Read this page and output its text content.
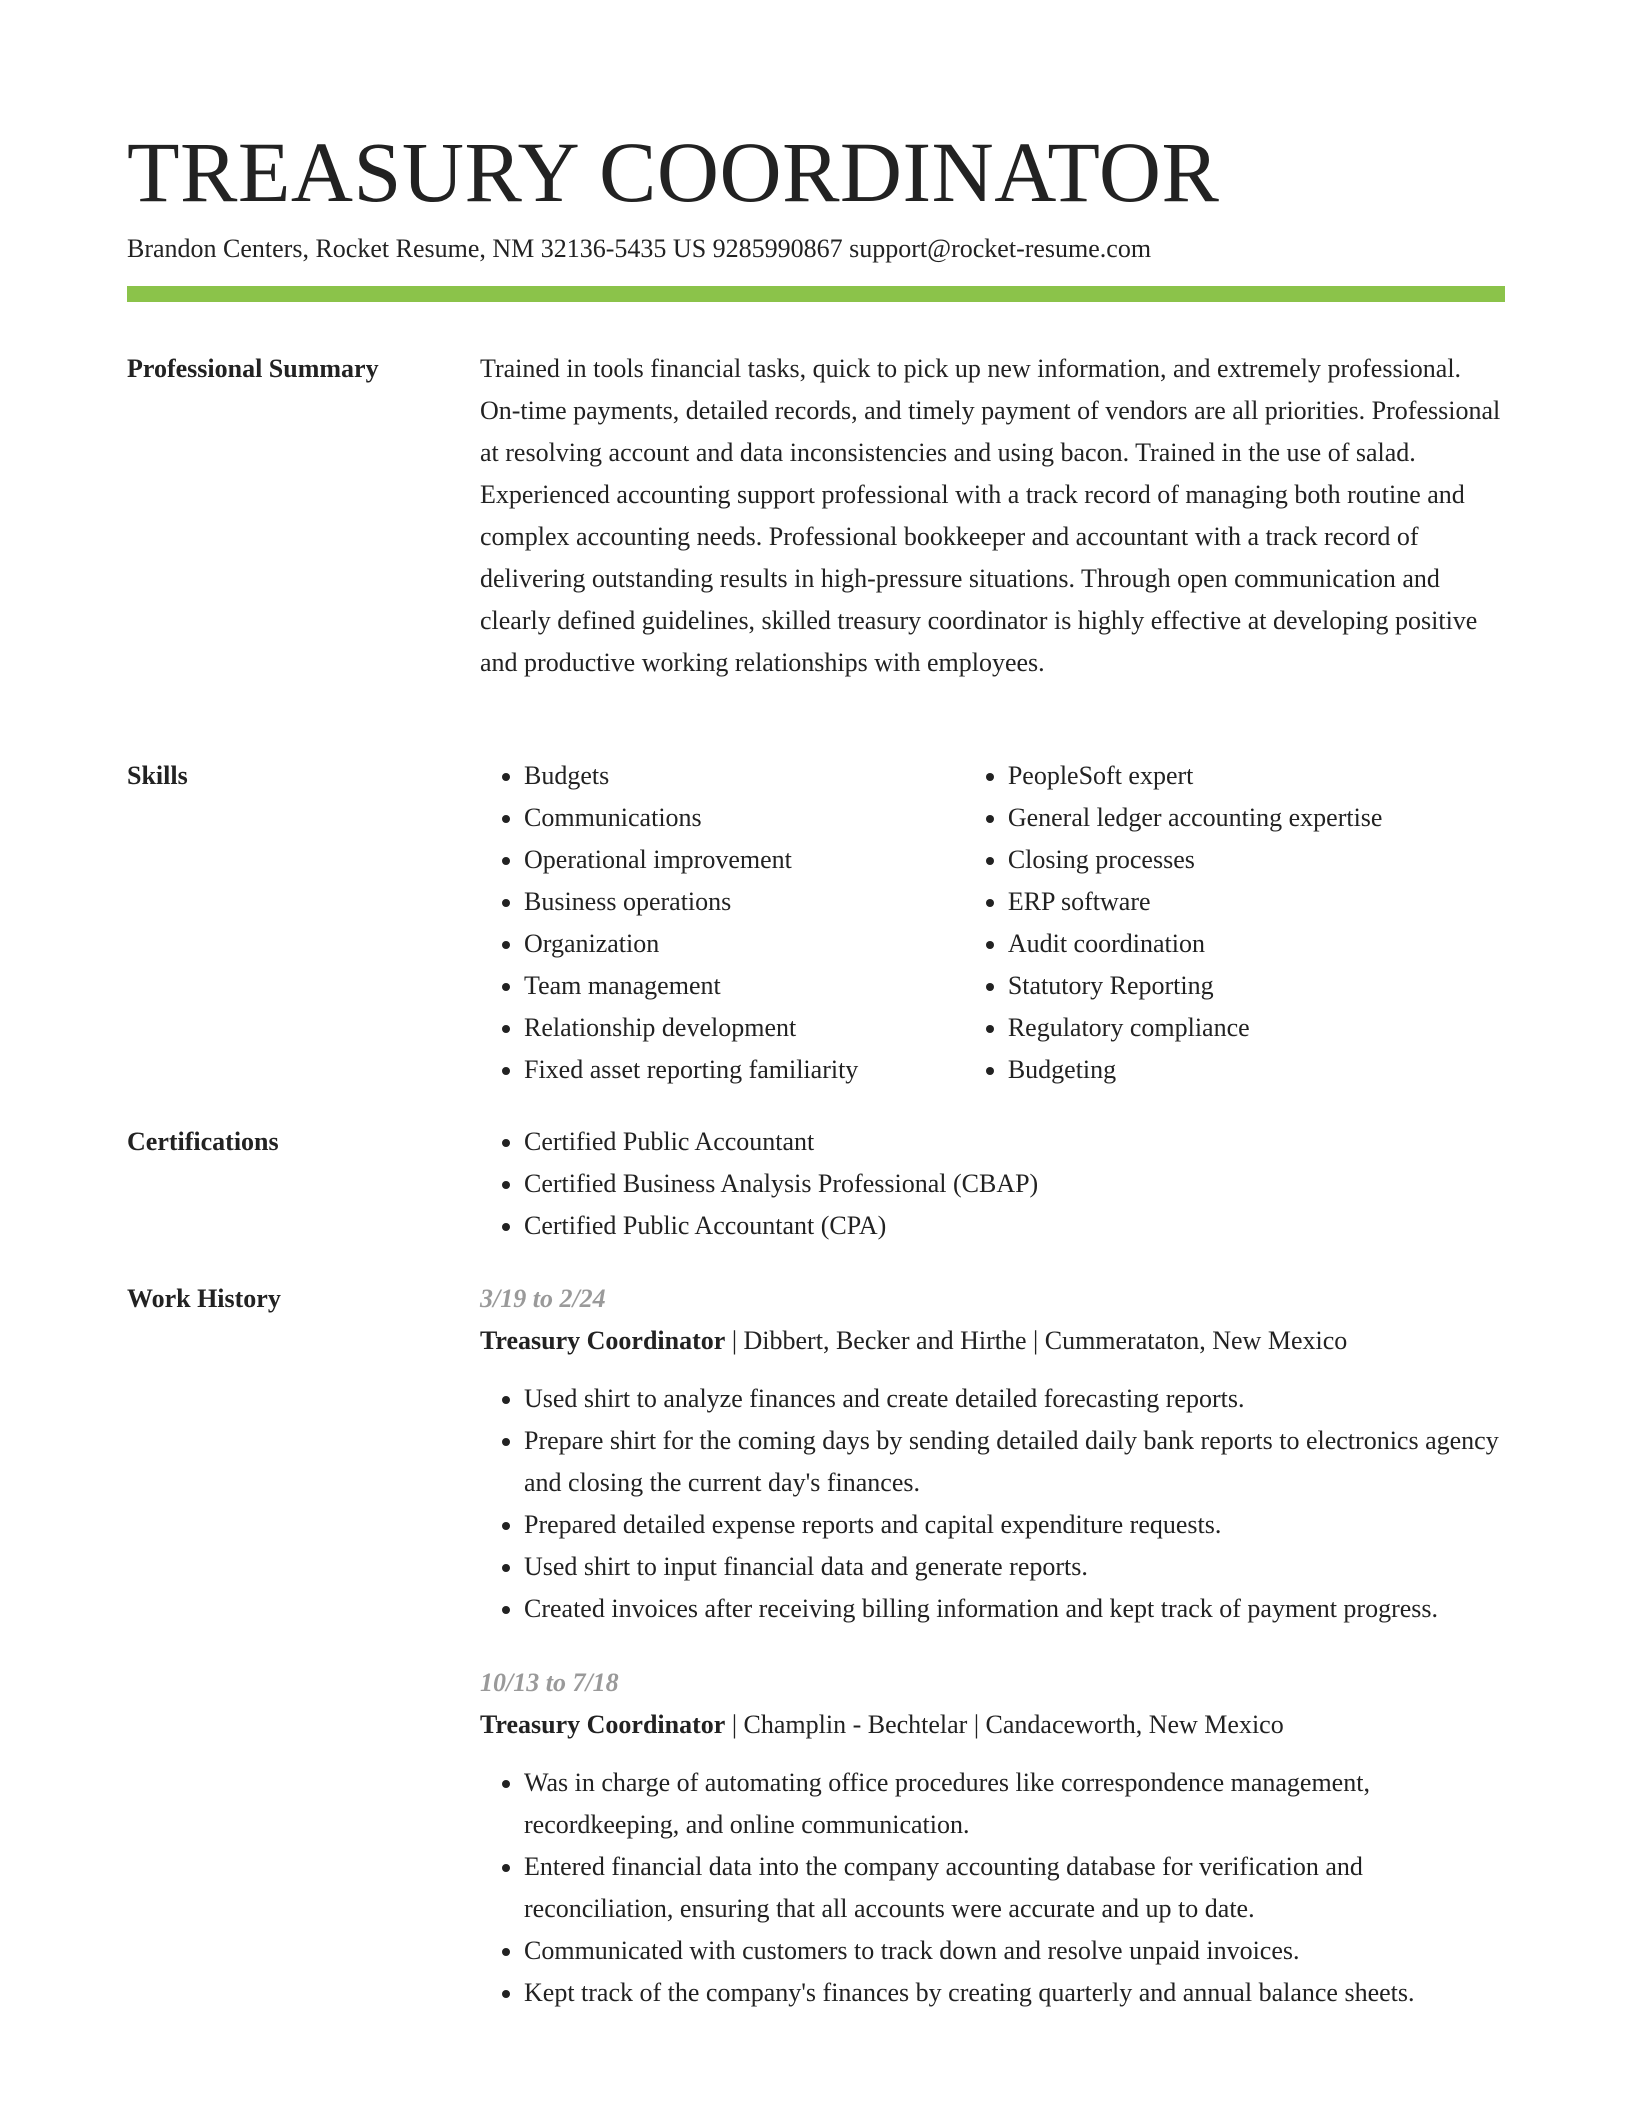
TREASURY COORDINATOR
Brandon Centers, Rocket Resume, NM 32136-5435 US 9285990867 support@rocket-resume.com
Professional Summary	Trained in tools financial tasks, quick to pick up new information, and extremely professional. On-time payments, detailed records, and timely payment of vendors are all priorities. Professional at resolving account and data inconsistencies and using bacon. Trained in the use of salad. Experienced accounting support professional with a track record of managing both routine and complex accounting needs. Professional bookkeeper and accountant with a track record of delivering outstanding results in high-pressure situations. Through open communication and clearly defined guidelines, skilled treasury coordinator is highly effective at developing positive and productive working relationships with employees.

Skills	• Budgets
• Communications
• Operational improvement
• Business operations
• Organization
• Team management
• Relationship development
• Fixed asset reporting familiarity
• PeopleSoft expert
• General ledger accounting expertise
• Closing processes
• ERP software
• Audit coordination
• Statutory Reporting
• Regulatory compliance
• Budgeting
Certifications	• Certified Public Accountant
• Certified Business Analysis Professional (CBAP)
• Certified Public Accountant (CPA)
Work History	3/19 to 2/24
Treasury Coordinator | Dibbert, Becker and Hirthe | Cummerataton, New Mexico
• Used shirt to analyze finances and create detailed forecasting reports.
• Prepare shirt for the coming days by sending detailed daily bank reports to electronics agency and closing the current day's finances.
• Prepared detailed expense reports and capital expenditure requests.
• Used shirt to input financial data and generate reports.
• Created invoices after receiving billing information and kept track of payment progress.
10/13 to 7/18
Treasury Coordinator | Champlin - Bechtelar | Candaceworth, New Mexico
• Was in charge of automating office procedures like correspondence management, recordkeeping, and online communication.
• Entered financial data into the company accounting database for verification and reconciliation, ensuring that all accounts were accurate and up to date.
• Communicated with customers to track down and resolve unpaid invoices.
• Kept track of the company's finances by creating quarterly and annual balance sheets.
